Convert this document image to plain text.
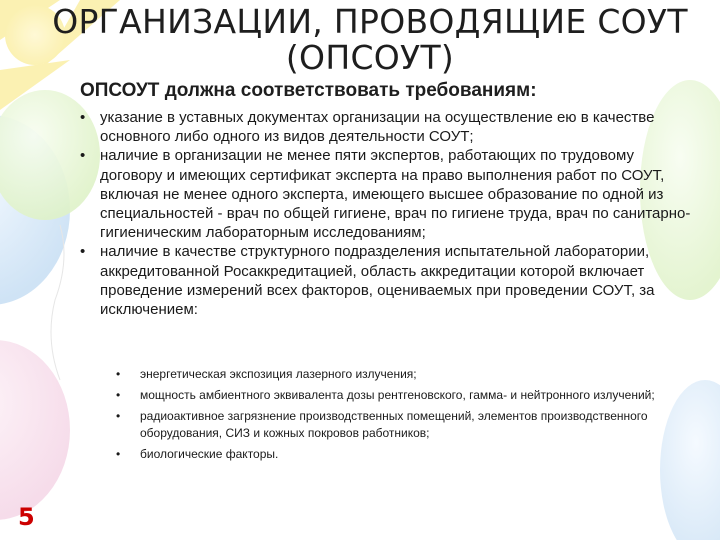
ОРГАНИЗАЦИИ, ПРОВОДЯЩИЕ СОУТ
(ОПСОУТ)
ОПСОУТ должна соответствовать требованиям:
• указание в уставных документах организации на осуществление ею в качестве основного либо одного из видов деятельности СОУТ;
• наличие в организации не менее пяти экспертов, работающих по трудовому договору и имеющих сертификат эксперта на право выполнения работ по СОУТ, включая не менее одного эксперта, имеющего высшее образование по одной из специальностей - врач по общей гигиене, врач по гигиене труда, врач по санитарно-гигиеническим лабораторным исследованиям;
• наличие в качестве структурного подразделения испытательной лаборатории, аккредитованной Росаккредитацией, область аккредитации которой включает проведение измерений всех факторов, оцениваемых при проведении СОУТ, за исключением:
• энергетическая экспозиция лазерного излучения;
• мощность амбиентного эквивалента дозы рентгеновского, гамма- и нейтронного излучений;
• радиоактивное загрязнение производственных помещений, элементов производственного оборудования, СИЗ и кожных покровов работников;
• биологические факторы.
5
